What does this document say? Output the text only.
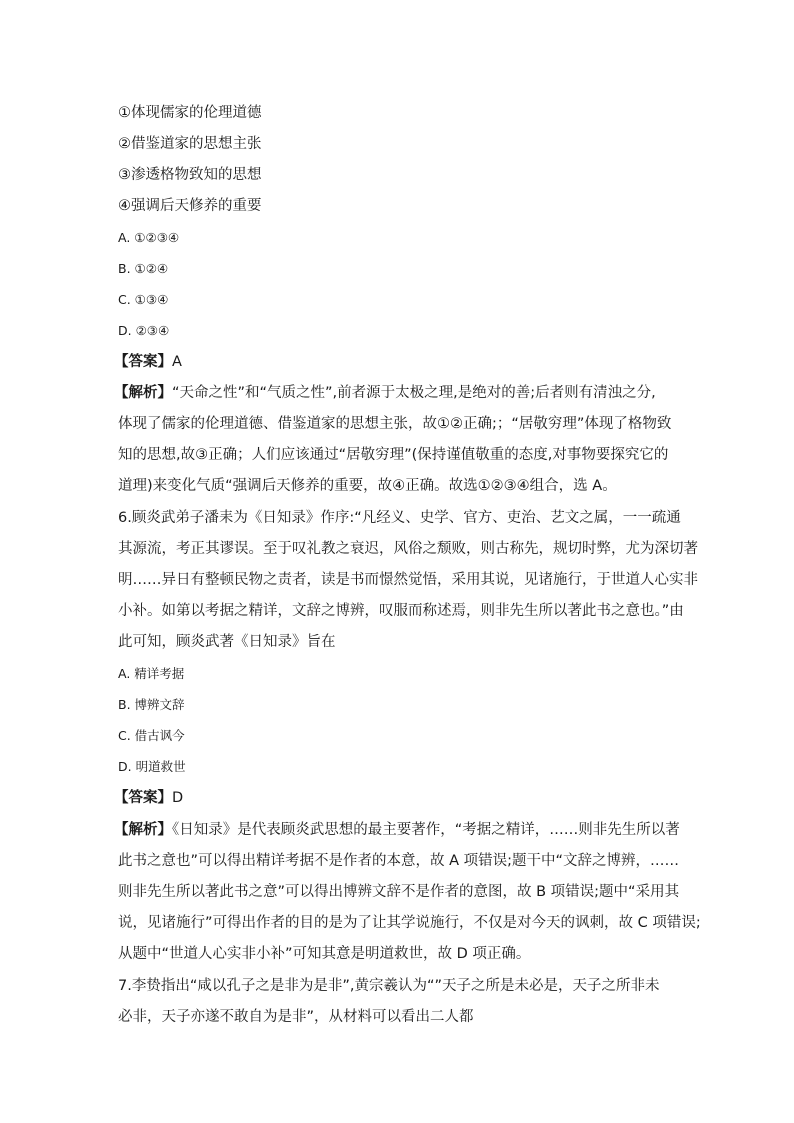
①体现儒家的伦理道德
②借鉴道家的思想主张
③渗透格物致知的思想
④强调后天修养的重要
A. ①②③④
B. ①②④
C. ①③④
D. ②③④
【答案】A
【解析】“天命之性”和“气质之性”,前者源于太极之理,是绝对的善;后者则有清浊之分,
体现了儒家的伦理道德、借鉴道家的思想主张，故①②正确;；“居敬穷理”体现了格物致
知的思想,故③正确；人们应该通过“居敬穷理”(保持谨值敬重的态度,对事物要探究它的
道理)来变化气质“强调后天修养的重要，故④正确。故选①②③④组合，选 A。
6.顾炎武弟子潘耒为《日知录》作序:“凡经义、史学、官方、吏治、艺文之属，一一疏通
其源流，考正其谬误。至于叹礼教之衰迟，风俗之颓败，则古称先，规切时弊，尤为深切著
明……异日有整顿民物之责者，读是书而憬然觉悟，采用其说，见诸施行，于世道人心实非
小补。如第以考据之精详，文辞之博辨，叹服而称述焉，则非先生所以著此书之意也。”由
此可知，顾炎武著《日知录》旨在
A. 精详考据
B. 博辨文辞
C. 借古讽今
D. 明道救世
【答案】D
【解析】《日知录》是代表顾炎武思想的最主要著作，“考据之精详，……则非先生所以著
此书之意也”可以得出精详考据不是作者的本意，故 A 项错误;题干中“文辞之博辨，……
则非先生所以著此书之意”可以得出博辨文辞不是作者的意图，故 B 项错误;题中“采用其
说，见诸施行”可得出作者的目的是为了让其学说施行，不仅是对今天的讽刺，故 C 项错误;
从题中“世道人心实非小补”可知其意是明道救世，故 D 项正确。
7.李贽指出“咸以孔子之是非为是非”,黄宗羲认为“”天子之所是未必是，天子之所非未
必非，天子亦遂不敢自为是非”，从材料可以看出二人都
